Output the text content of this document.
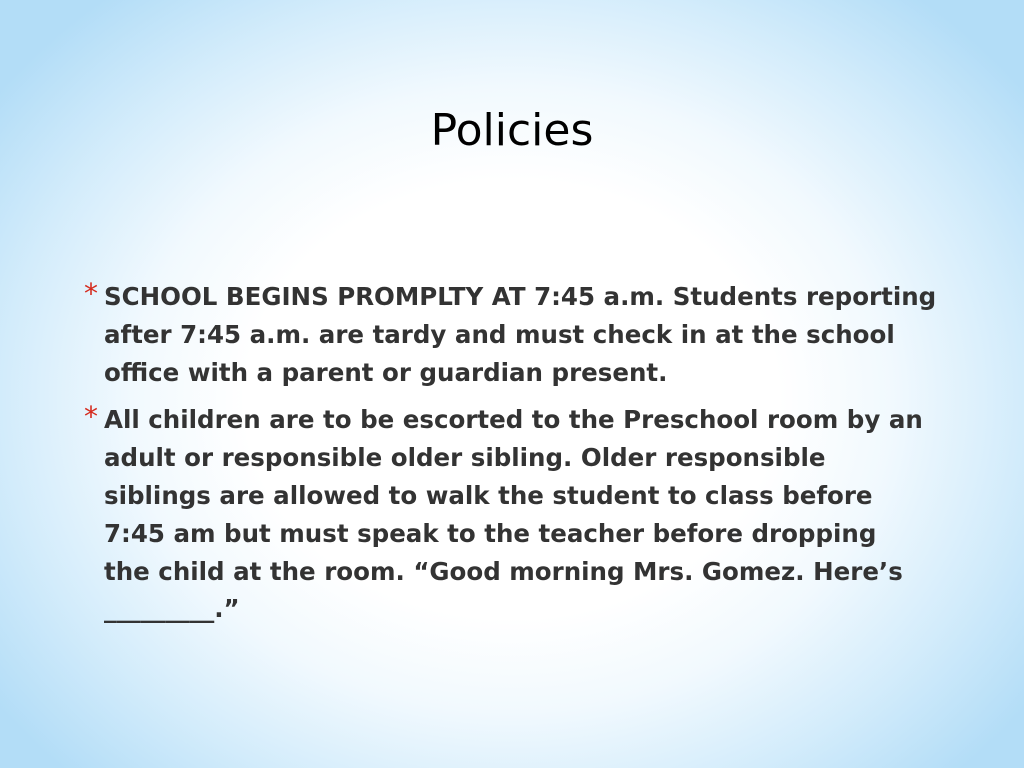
Policies
* SCHOOL BEGINS PROMPLTY AT 7:45 a.m. Students reporting
after 7:45 a.m. are tardy and must check in at the school
office with a parent or guardian present.
* All children are to be escorted to the Preschool room by an
adult or responsible older sibling. Older responsible
siblings are allowed to walk the student to class before
7:45 am but must speak to the teacher before dropping
the child at the room. “Good morning Mrs. Gomez. Here’s
_________.”
